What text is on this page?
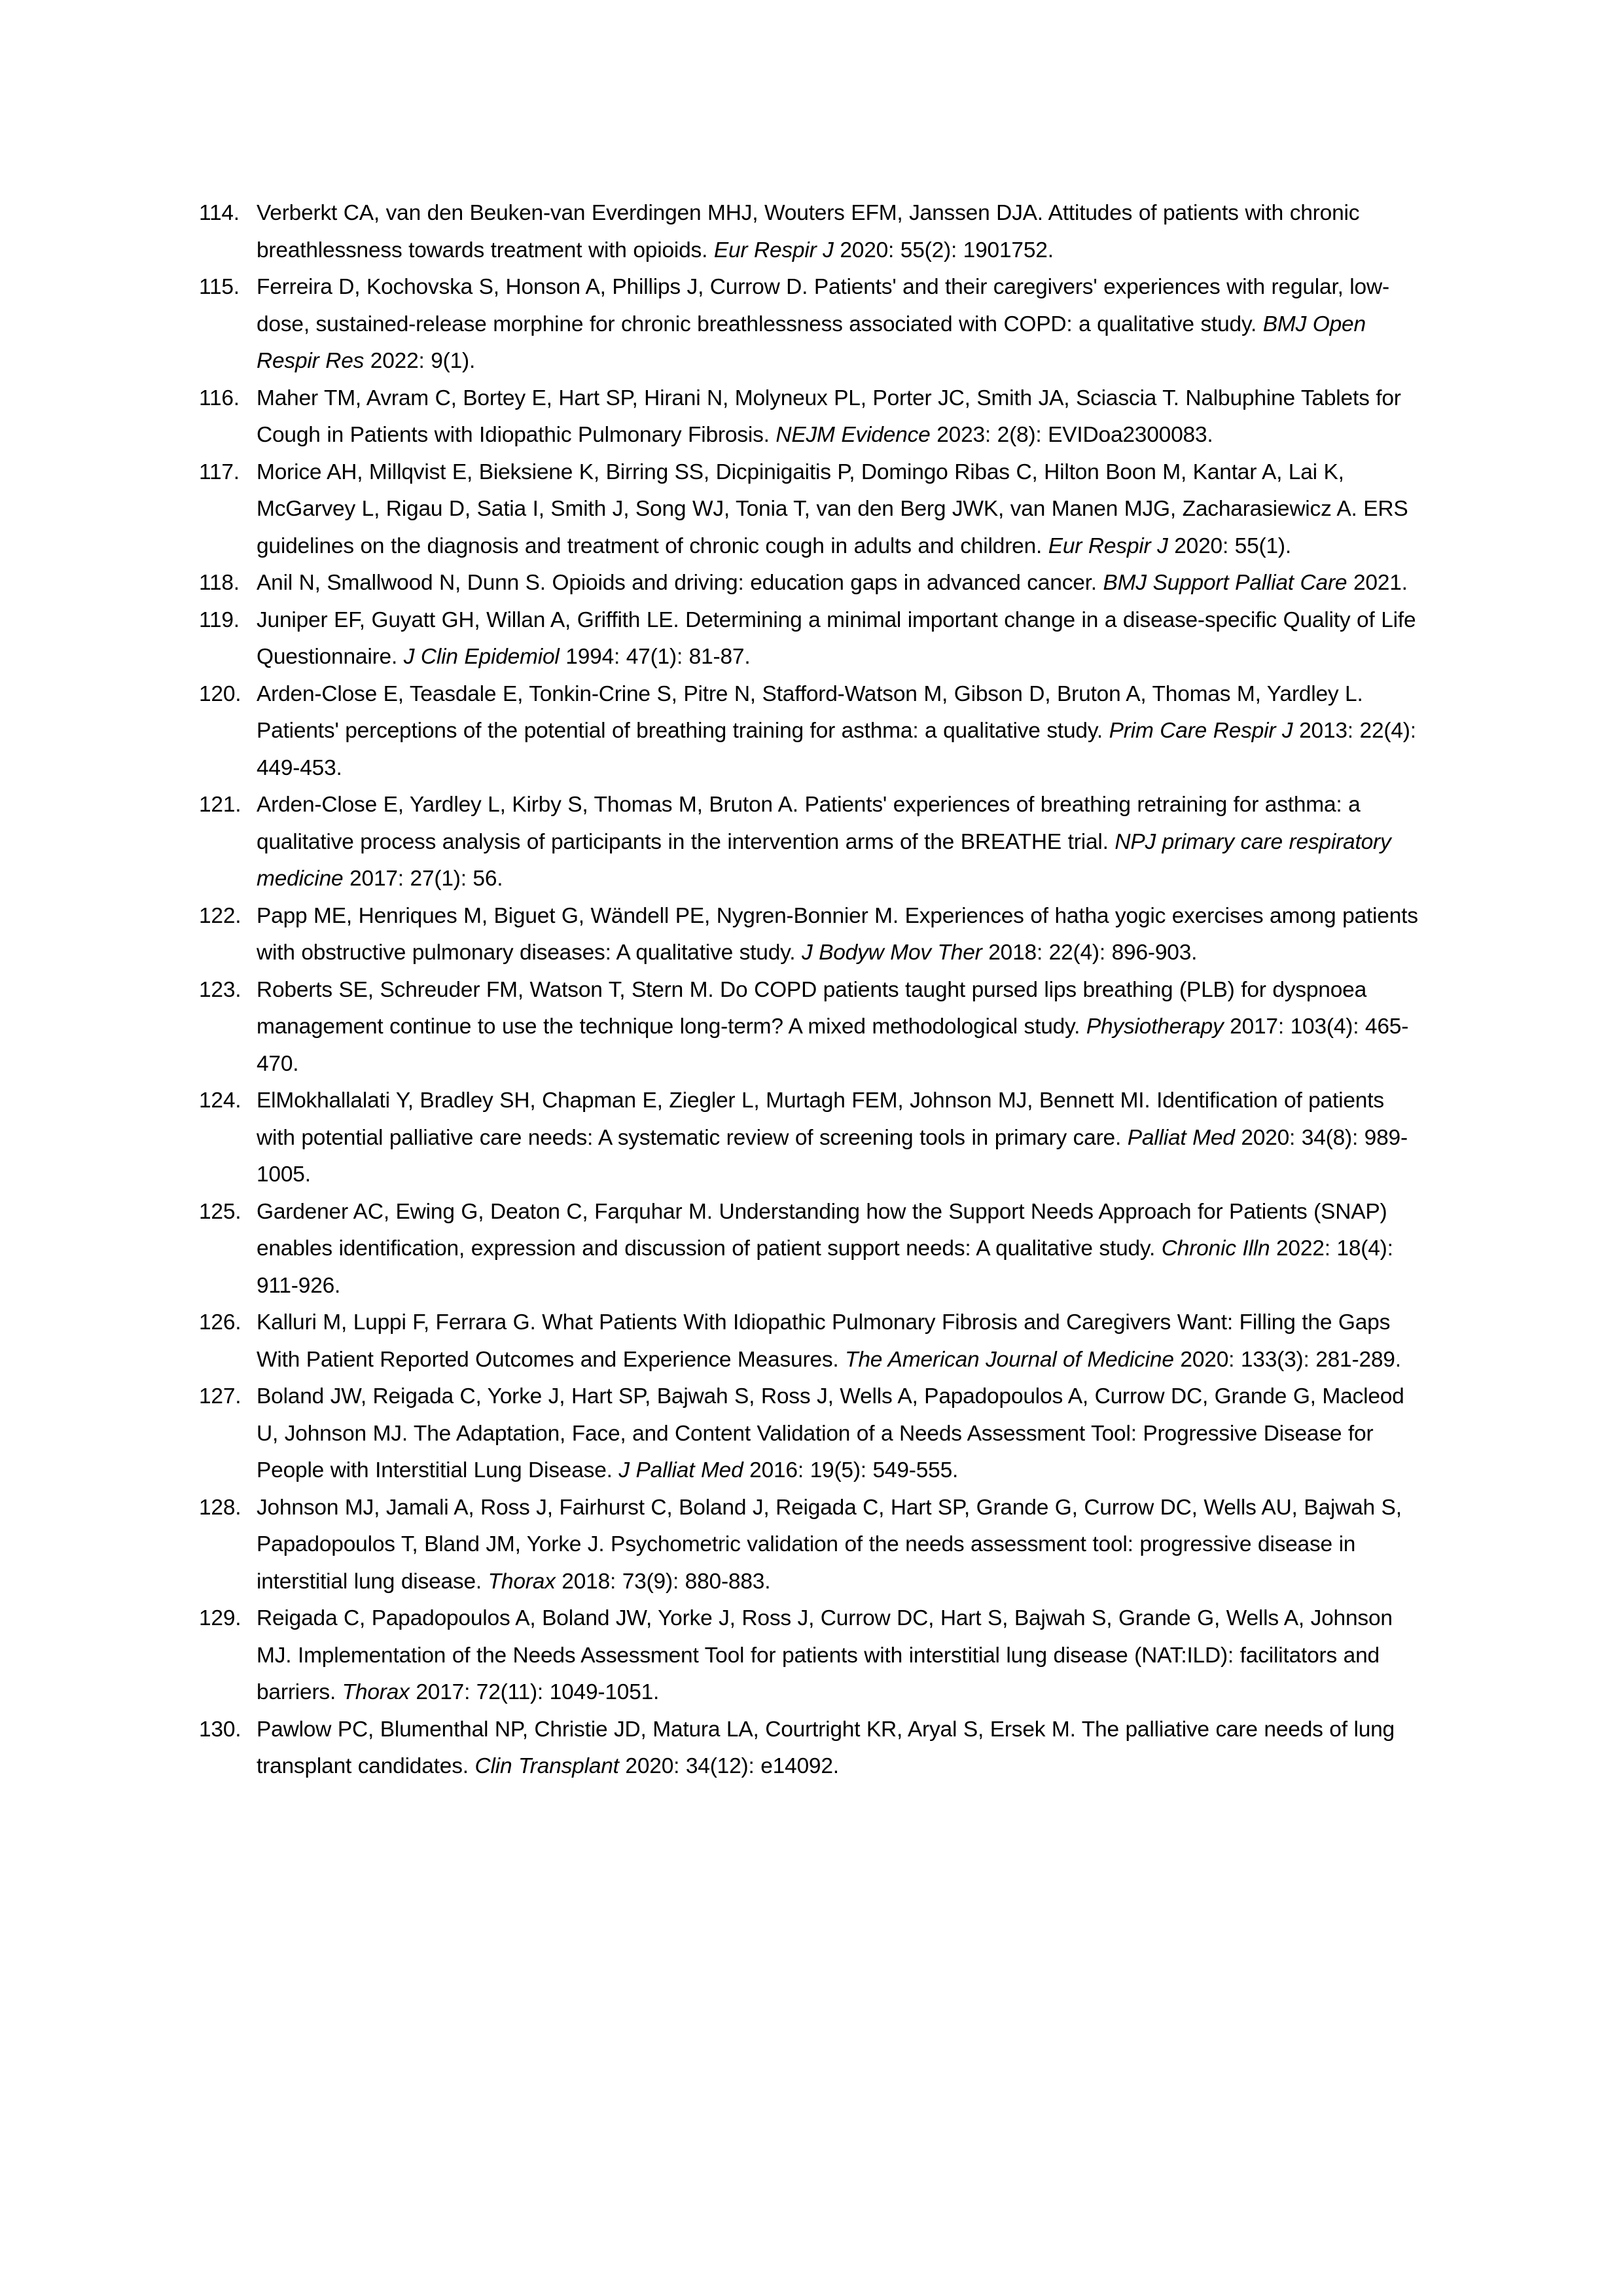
114. Verberkt CA, van den Beuken-van Everdingen MHJ, Wouters EFM, Janssen DJA. Attitudes of patients with chronic breathlessness towards treatment with opioids. Eur Respir J 2020: 55(2): 1901752.
115. Ferreira D, Kochovska S, Honson A, Phillips J, Currow D. Patients' and their caregivers' experiences with regular, low-dose, sustained-release morphine for chronic breathlessness associated with COPD: a qualitative study. BMJ Open Respir Res 2022: 9(1).
116. Maher TM, Avram C, Bortey E, Hart SP, Hirani N, Molyneux PL, Porter JC, Smith JA, Sciascia T. Nalbuphine Tablets for Cough in Patients with Idiopathic Pulmonary Fibrosis. NEJM Evidence 2023: 2(8): EVIDoa2300083.
117. Morice AH, Millqvist E, Bieksiene K, Birring SS, Dicpinigaitis P, Domingo Ribas C, Hilton Boon M, Kantar A, Lai K, McGarvey L, Rigau D, Satia I, Smith J, Song WJ, Tonia T, van den Berg JWK, van Manen MJG, Zacharasiewicz A. ERS guidelines on the diagnosis and treatment of chronic cough in adults and children. Eur Respir J 2020: 55(1).
118. Anil N, Smallwood N, Dunn S. Opioids and driving: education gaps in advanced cancer. BMJ Support Palliat Care 2021.
119. Juniper EF, Guyatt GH, Willan A, Griffith LE. Determining a minimal important change in a disease-specific Quality of Life Questionnaire. J Clin Epidemiol 1994: 47(1): 81-87.
120. Arden-Close E, Teasdale E, Tonkin-Crine S, Pitre N, Stafford-Watson M, Gibson D, Bruton A, Thomas M, Yardley L. Patients' perceptions of the potential of breathing training for asthma: a qualitative study. Prim Care Respir J 2013: 22(4): 449-453.
121. Arden-Close E, Yardley L, Kirby S, Thomas M, Bruton A. Patients' experiences of breathing retraining for asthma: a qualitative process analysis of participants in the intervention arms of the BREATHE trial. NPJ primary care respiratory medicine 2017: 27(1): 56.
122. Papp ME, Henriques M, Biguet G, Wändell PE, Nygren-Bonnier M. Experiences of hatha yogic exercises among patients with obstructive pulmonary diseases: A qualitative study. J Bodyw Mov Ther 2018: 22(4): 896-903.
123. Roberts SE, Schreuder FM, Watson T, Stern M. Do COPD patients taught pursed lips breathing (PLB) for dyspnoea management continue to use the technique long-term? A mixed methodological study. Physiotherapy 2017: 103(4): 465-470.
124. ElMokhallalati Y, Bradley SH, Chapman E, Ziegler L, Murtagh FEM, Johnson MJ, Bennett MI. Identification of patients with potential palliative care needs: A systematic review of screening tools in primary care. Palliat Med 2020: 34(8): 989-1005.
125. Gardener AC, Ewing G, Deaton C, Farquhar M. Understanding how the Support Needs Approach for Patients (SNAP) enables identification, expression and discussion of patient support needs: A qualitative study. Chronic Illn 2022: 18(4): 911-926.
126. Kalluri M, Luppi F, Ferrara G. What Patients With Idiopathic Pulmonary Fibrosis and Caregivers Want: Filling the Gaps With Patient Reported Outcomes and Experience Measures. The American Journal of Medicine 2020: 133(3): 281-289.
127. Boland JW, Reigada C, Yorke J, Hart SP, Bajwah S, Ross J, Wells A, Papadopoulos A, Currow DC, Grande G, Macleod U, Johnson MJ. The Adaptation, Face, and Content Validation of a Needs Assessment Tool: Progressive Disease for People with Interstitial Lung Disease. J Palliat Med 2016: 19(5): 549-555.
128. Johnson MJ, Jamali A, Ross J, Fairhurst C, Boland J, Reigada C, Hart SP, Grande G, Currow DC, Wells AU, Bajwah S, Papadopoulos T, Bland JM, Yorke J. Psychometric validation of the needs assessment tool: progressive disease in interstitial lung disease. Thorax 2018: 73(9): 880-883.
129. Reigada C, Papadopoulos A, Boland JW, Yorke J, Ross J, Currow DC, Hart S, Bajwah S, Grande G, Wells A, Johnson MJ. Implementation of the Needs Assessment Tool for patients with interstitial lung disease (NAT:ILD): facilitators and barriers. Thorax 2017: 72(11): 1049-1051.
130. Pawlow PC, Blumenthal NP, Christie JD, Matura LA, Courtright KR, Aryal S, Ersek M. The palliative care needs of lung transplant candidates. Clin Transplant 2020: 34(12): e14092.
